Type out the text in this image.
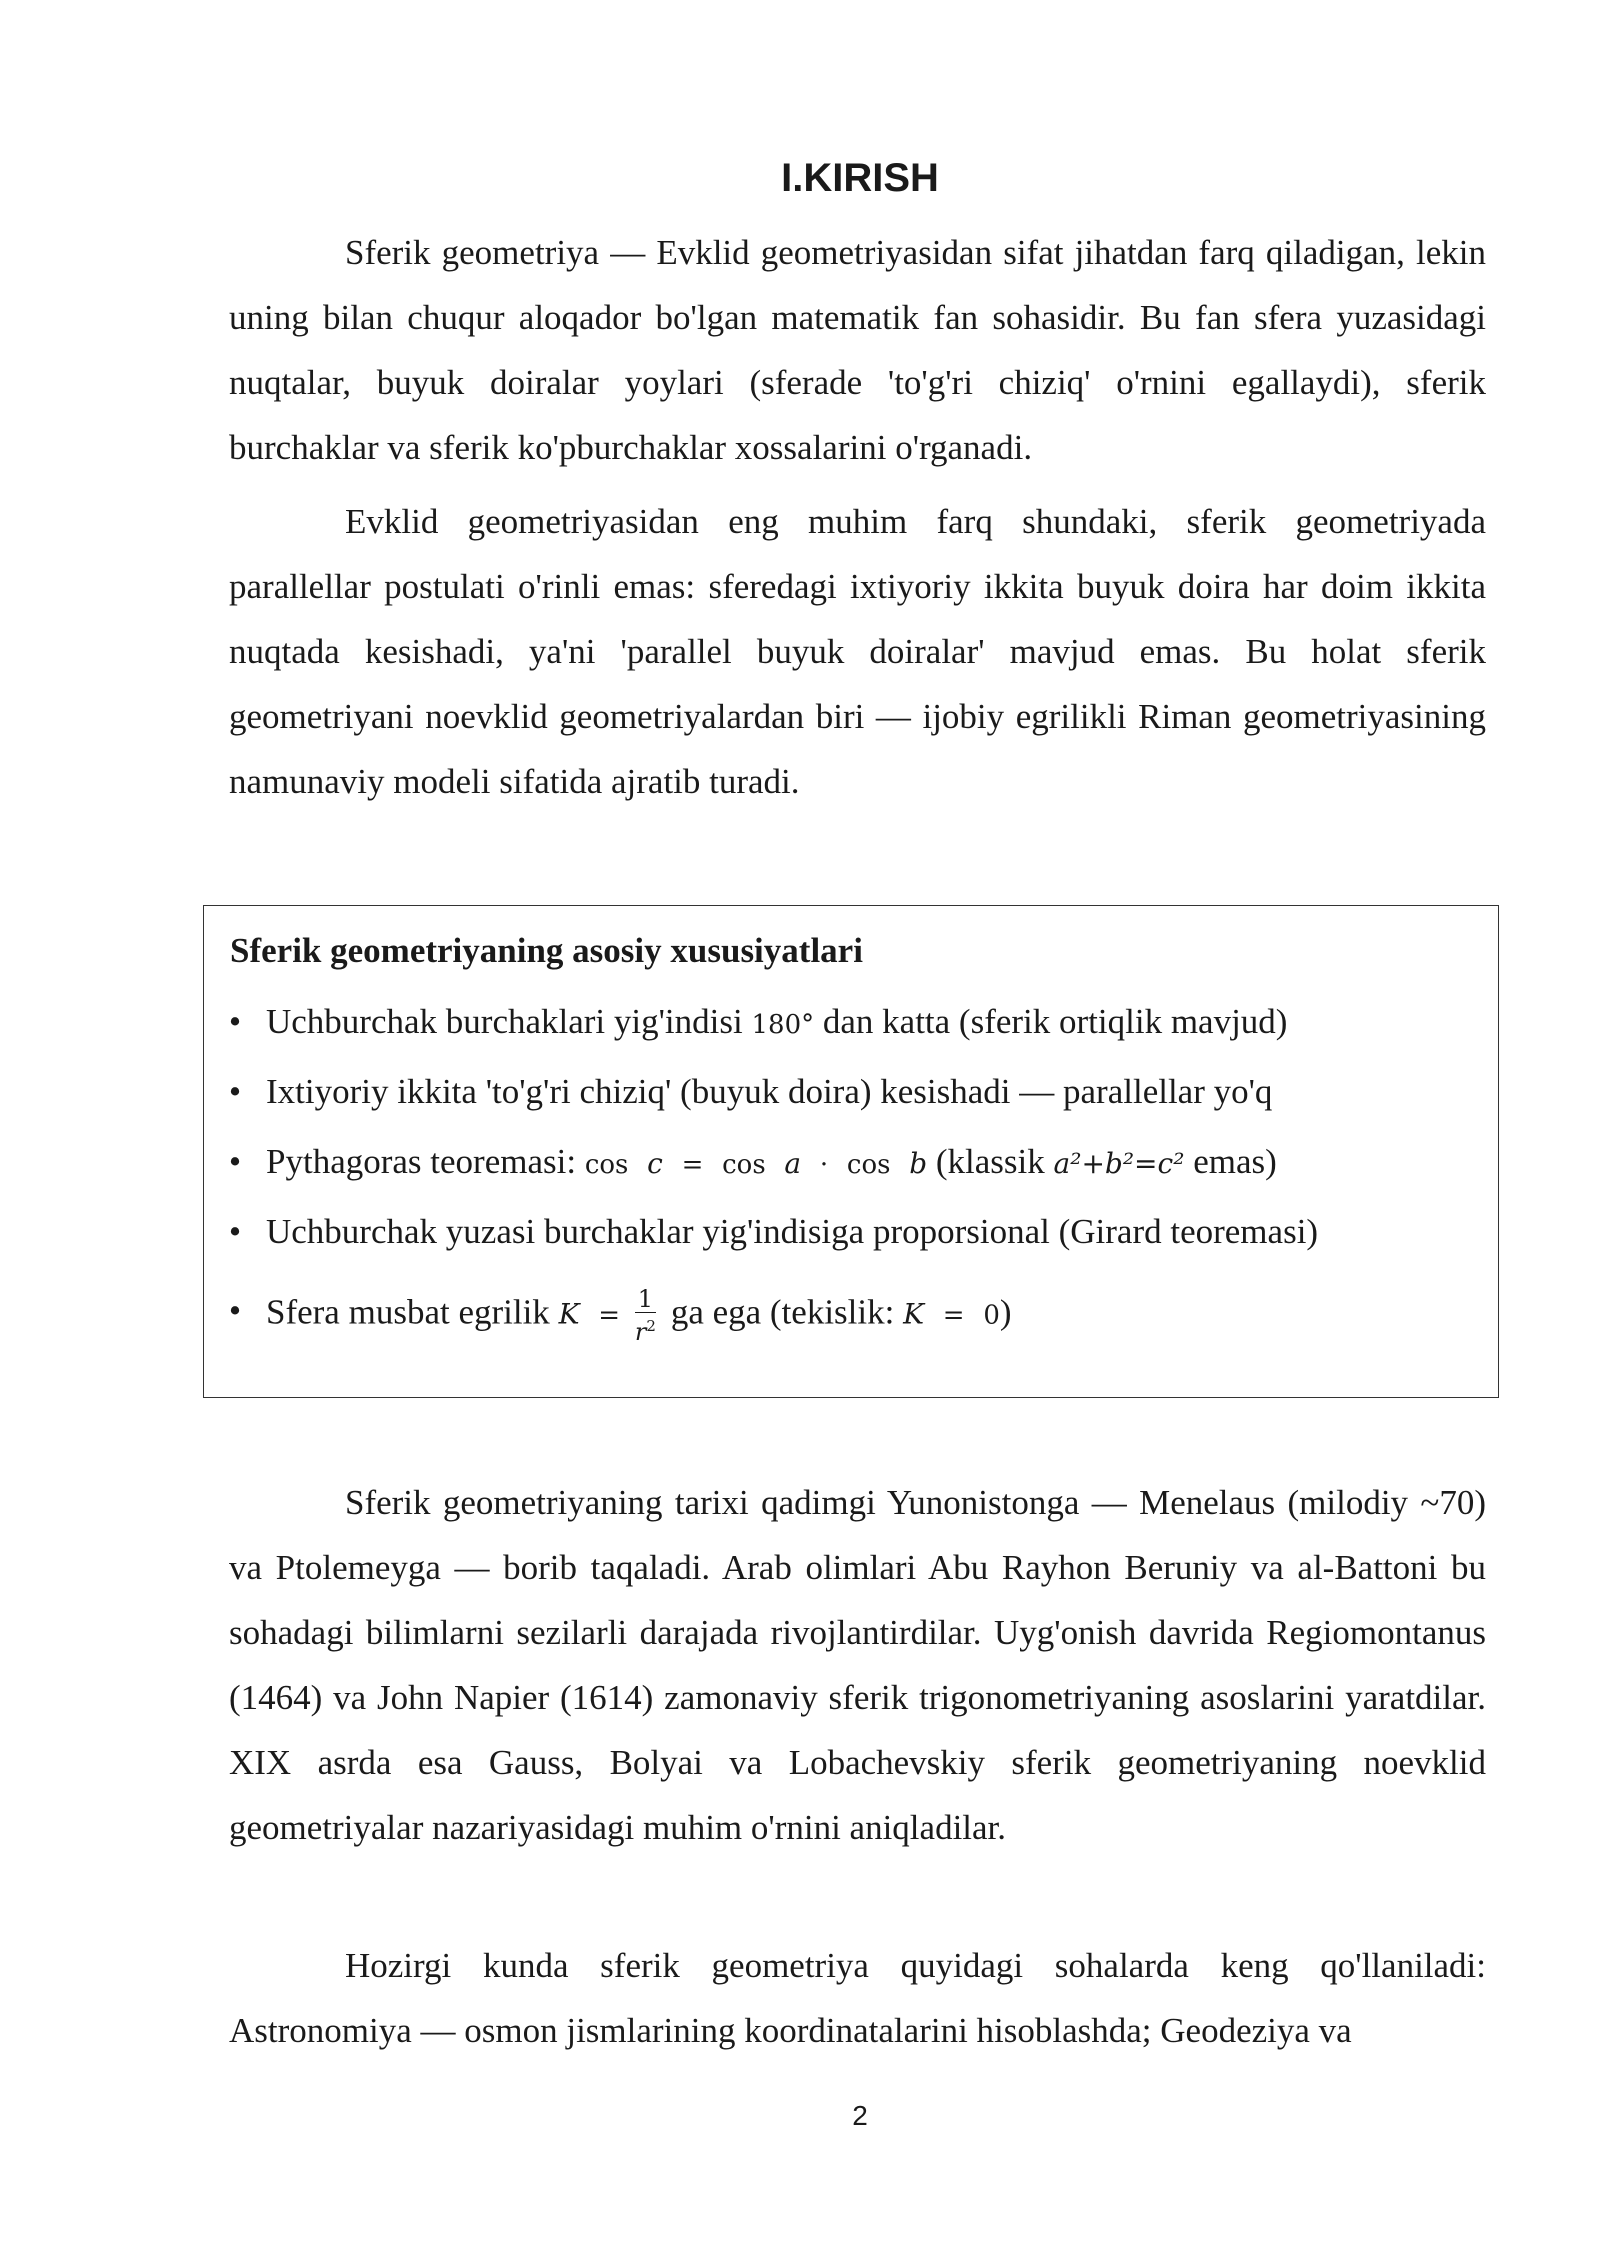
I.KIRISH

Sferik geometriya — Evklid geometriyasidan sifat jihatdan farq qiladigan, lekin uning bilan chuqur aloqador bo'lgan matematik fan sohasidir. Bu fan sfera yuzasidagi nuqtalar, buyuk doiralar yoylari (sferade 'to'g'ri chiziq' o'rnini egallaydi), sferik burchaklar va sferik ko'pburchaklar xossalarini o'rganadi.

Evklid geometriyasidan eng muhim farq shundaki, sferik geometriyada parallellar postulati o'rinli emas: sferedagi ixtiyoriy ikkita buyuk doira har doim ikkita nuqtada kesishadi, ya'ni 'parallel buyuk doiralar' mavjud emas. Bu holat sferik geometriyani noevklid geometriyalardan biri — ijobiy egrilikli Riman geometriyasining namunaviy modeli sifatida ajratib turadi.

Sferik geometriyaning asosiy xususiyatlari

• Uchburchak burchaklari yig'indisi 180° dan katta (sferik ortiqlik mavjud)
• Ixtiyoriy ikkita 'to'g'ri chiziq' (buyuk doira) kesishadi — parallellar yo'q
• Pythagoras teoremasi: cos c = cos a · cos b (klassik a²+b²=c² emas)
• Uchburchak yuzasi burchaklar yig'indisiga proporsional (Girard teoremasi)
• Sfera musbat egrilik $K = \frac{1}{r^2}$ ga ega (tekislik: K = 0)

Sferik geometriyaning tarixi qadimgi Yunonistonga — Menelaus (milodiy ~70) va Ptolemeyga — borib taqaladi. Arab olimlari Abu Rayhon Beruniy va al-Battoni bu sohadagi bilimlarni sezilarli darajada rivojlantirdilar. Uyg'onish davrida Regiomontanus (1464) va John Napier (1614) zamonaviy sferik trigonometriyaning asoslarini yaratdilar. XIX asrda esa Gauss, Bolyai va Lobachevskiy sferik geometriyaning noevklid geometriyalar nazariyasidagi muhim o'rnini aniqladilar.

Hozirgi kunda sferik geometriya quyidagi sohalarda keng qo'llaniladi: Astronomiya — osmon jismlarining koordinatalarini hisoblashda; Geodeziya va

2
